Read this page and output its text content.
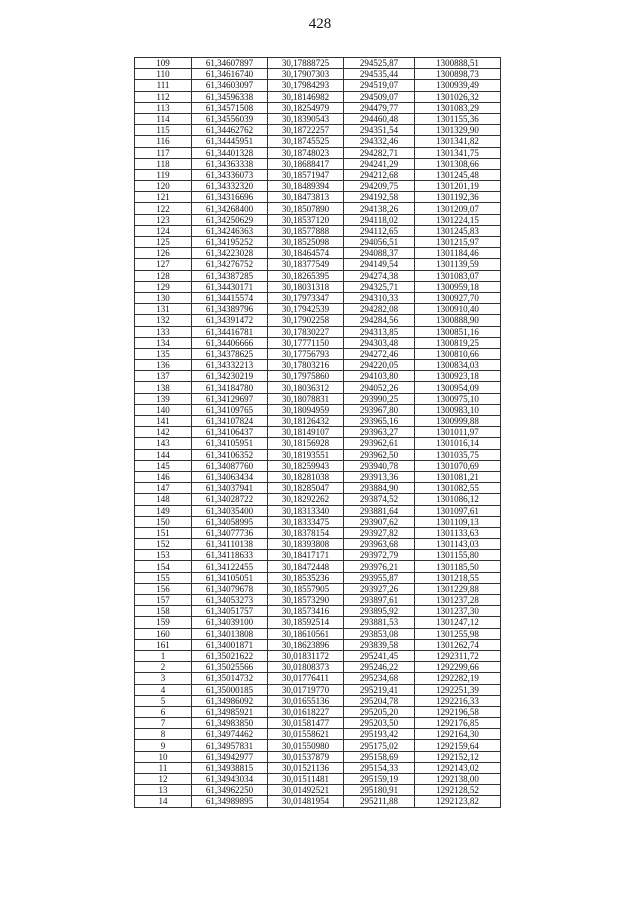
428
109	61,34607897	30,17888725	294525,87	1300888,51
110	61,34616740	30,17907303	294535,44	1300898,73
111	61,34603097	30,17984293	294519,07	1300939,49
112	61,34596338	30,18146982	294509,07	1301026,32
113	61,34571508	30,18254979	294479,77	1301083,29
114	61,34556039	30,18390543	294460,48	1301155,36
115	61,34462762	30,18722257	294351,54	1301329,90
116	61,34445951	30,18745525	294332,46	1301341,82
117	61,34401328	30,18748023	294282,71	1301341,75
118	61,34363338	30,18688417	294241,29	1301308,66
119	61,34336073	30,18571947	294212,68	1301245,48
120	61,34332320	30,18489394	294209,75	1301201,19
121	61,34316696	30,18473813	294192,58	1301192,36
122	61,34268400	30,18507890	294138,26	1301209,07
123	61,34250629	30,18537120	294118,02	1301224,15
124	61,34246363	30,18577888	294112,65	1301245,83
125	61,34195252	30,18525098	294056,51	1301215,97
126	61,34223028	30,18464574	294088,37	1301184,46
127	61,34276752	30,18377549	294149,54	1301139,59
128	61,34387285	30,18265395	294274,38	1301083,07
129	61,34430171	30,18031318	294325,71	1300959,18
130	61,34415574	30,17973347	294310,33	1300927,70
131	61,34389796	30,17942539	294282,08	1300910,40
132	61,34391472	30,17902258	294284,56	1300888,90
133	61,34416781	30,17830227	294313,85	1300851,16
134	61,34406666	30,17771150	294303,48	1300819,25
135	61,34378625	30,17756793	294272,46	1300810,66
136	61,34332213	30,17803216	294220,05	1300834,03
137	61,34230219	30,17975860	294103,80	1300923,18
138	61,34184780	30,18036312	294052,26	1300954,09
139	61,34129697	30,18078831	293990,25	1300975,10
140	61,34109765	30,18094959	293967,80	1300983,10
141	61,34107824	30,18126432	293965,16	1300999,88
142	61,34106437	30,18149107	293963,27	1301011,97
143	61,34105951	30,18156928	293962,61	1301016,14
144	61,34106352	30,18193551	293962,50	1301035,75
145	61,34087760	30,18259943	293940,78	1301070,69
146	61,34063434	30,18281038	293913,36	1301081,21
147	61,34037941	30,18285047	293884,90	1301082,55
148	61,34028722	30,18292262	293874,52	1301086,12
149	61,34035400	30,18313340	293881,64	1301097,61
150	61,34058995	30,18333475	293907,62	1301109,13
151	61,34077736	30,18378154	293927,82	1301133,63
152	61,34110138	30,18393808	293963,68	1301143,03
153	61,34118633	30,18417171	293972,79	1301155,80
154	61,34122455	30,18472448	293976,21	1301185,50
155	61,34105051	30,18535236	293955,87	1301218,55
156	61,34079678	30,18557905	293927,26	1301229,88
157	61,34053273	30,18573290	293897,61	1301237,28
158	61,34051757	30,18573416	293895,92	1301237,30
159	61,34039100	30,18592514	293881,53	1301247,12
160	61,34013808	30,18610561	293853,08	1301255,98
161	61,34001871	30,18623896	293839,58	1301262,74
1	61,35021622	30,01831172	295241,45	1292311,72
2	61,35025566	30,01808373	295246,22	1292299,66
3	61,35014732	30,01776411	295234,68	1292282,19
4	61,35000185	30,01719770	295219,41	1292251,39
5	61,34986092	30,01655136	295204,78	1292216,33
6	61,34985921	30,01618227	295205,20	1292196,58
7	61,34983850	30,01581477	295203,50	1292176,85
8	61,34974462	30,01558621	295193,42	1292164,30
9	61,34957831	30,01550980	295175,02	1292159,64
10	61,34942977	30,01537879	295158,69	1292152,12
11	61,34938815	30,01521136	295154,33	1292143,02
12	61,34943034	30,01511481	295159,19	1292138,00
13	61,34962250	30,01492521	295180,91	1292128,52
14	61,34989895	30,01481954	295211,88	1292123,82
